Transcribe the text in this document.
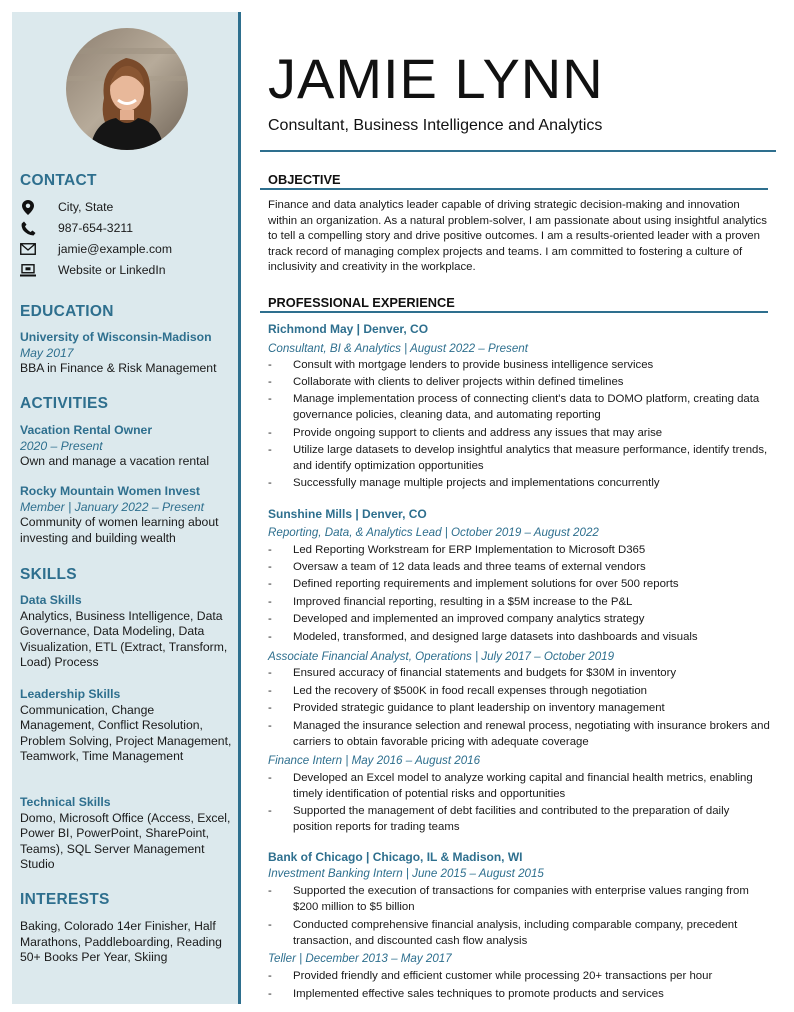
CONTACT
City, State
987-654-3211
jamie@example.com
Website or LinkedIn
EDUCATION
University of Wisconsin-Madison
May 2017
BBA in Finance & Risk Management
ACTIVITIES
Vacation Rental Owner
2020 – Present
Own and manage a vacation rental
Rocky Mountain Women Invest
Member | January 2022 – Present
Community of women learning about investing and building wealth
SKILLS
Data Skills
Analytics, Business Intelligence, Data Governance, Data Modeling, Data Visualization, ETL (Extract, Transform, Load) Process
Leadership Skills
Communication, Change Management, Conflict Resolution, Problem Solving, Project Management, Teamwork, Time Management
Technical Skills
Domo, Microsoft Office (Access, Excel, Power BI, PowerPoint, SharePoint, Teams), SQL Server Management Studio
INTERESTS
Baking, Colorado 14er Finisher, Half Marathons, Paddleboarding, Reading 50+ Books Per Year, Skiing
JAMIE LYNN
Consultant, Business Intelligence and Analytics
OBJECTIVE
Finance and data analytics leader capable of driving strategic decision-making and innovation within an organization. As a natural problem-solver, I am passionate about using insightful analytics to tell a compelling story and drive positive outcomes. I am a results-oriented leader with a proven track record of managing complex projects and teams. I am committed to fostering a culture of inclusivity and creativity in the workplace.
PROFESSIONAL EXPERIENCE
Richmond May | Denver, CO
Consultant, BI & Analytics | August 2022 – Present
-	Consult with mortgage lenders to provide business intelligence services
-	Collaborate with clients to deliver projects within defined timelines
-	Manage implementation process of connecting client's data to DOMO platform, creating data governance policies, cleaning data, and automating reporting
-	Provide ongoing support to clients and address any issues that may arise
-	Utilize large datasets to develop insightful analytics that measure performance, identify trends, and identify optimization opportunities
-	Successfully manage multiple projects and implementations concurrently
Sunshine Mills | Denver, CO
Reporting, Data, & Analytics Lead | October 2019 – August 2022
-	Led Reporting Workstream for ERP Implementation to Microsoft D365
-	Oversaw a team of 12 data leads and three teams of external vendors
-	Defined reporting requirements and implement solutions for over 500 reports
-	Improved financial reporting, resulting in a $5M increase to the P&L
-	Developed and implemented an improved company analytics strategy
-	Modeled, transformed, and designed large datasets into dashboards and visuals
Associate Financial Analyst, Operations | July 2017 – October 2019
-	Ensured accuracy of financial statements and budgets for $30M in inventory
-	Led the recovery of $500K in food recall expenses through negotiation
-	Provided strategic guidance to plant leadership on inventory management
-	Managed the insurance selection and renewal process, negotiating with insurance brokers and carriers to obtain favorable pricing with adequate coverage
Finance Intern | May 2016 – August 2016
-	Developed an Excel model to analyze working capital and financial health metrics, enabling timely identification of potential risks and opportunities
-	Supported the management of debt facilities and contributed to the preparation of daily position reports for trading teams
Bank of Chicago | Chicago, IL & Madison, WI
Investment Banking Intern | June 2015 – August 2015
-	Supported the execution of transactions for companies with enterprise values ranging from $200 million to $5 billion
-	Conducted comprehensive financial analysis, including comparable company, precedent transaction, and discounted cash flow analysis
Teller | December 2013 – May 2017
-	Provided friendly and efficient customer while processing 20+ transactions per hour
-	Implemented effective sales techniques to promote products and services
